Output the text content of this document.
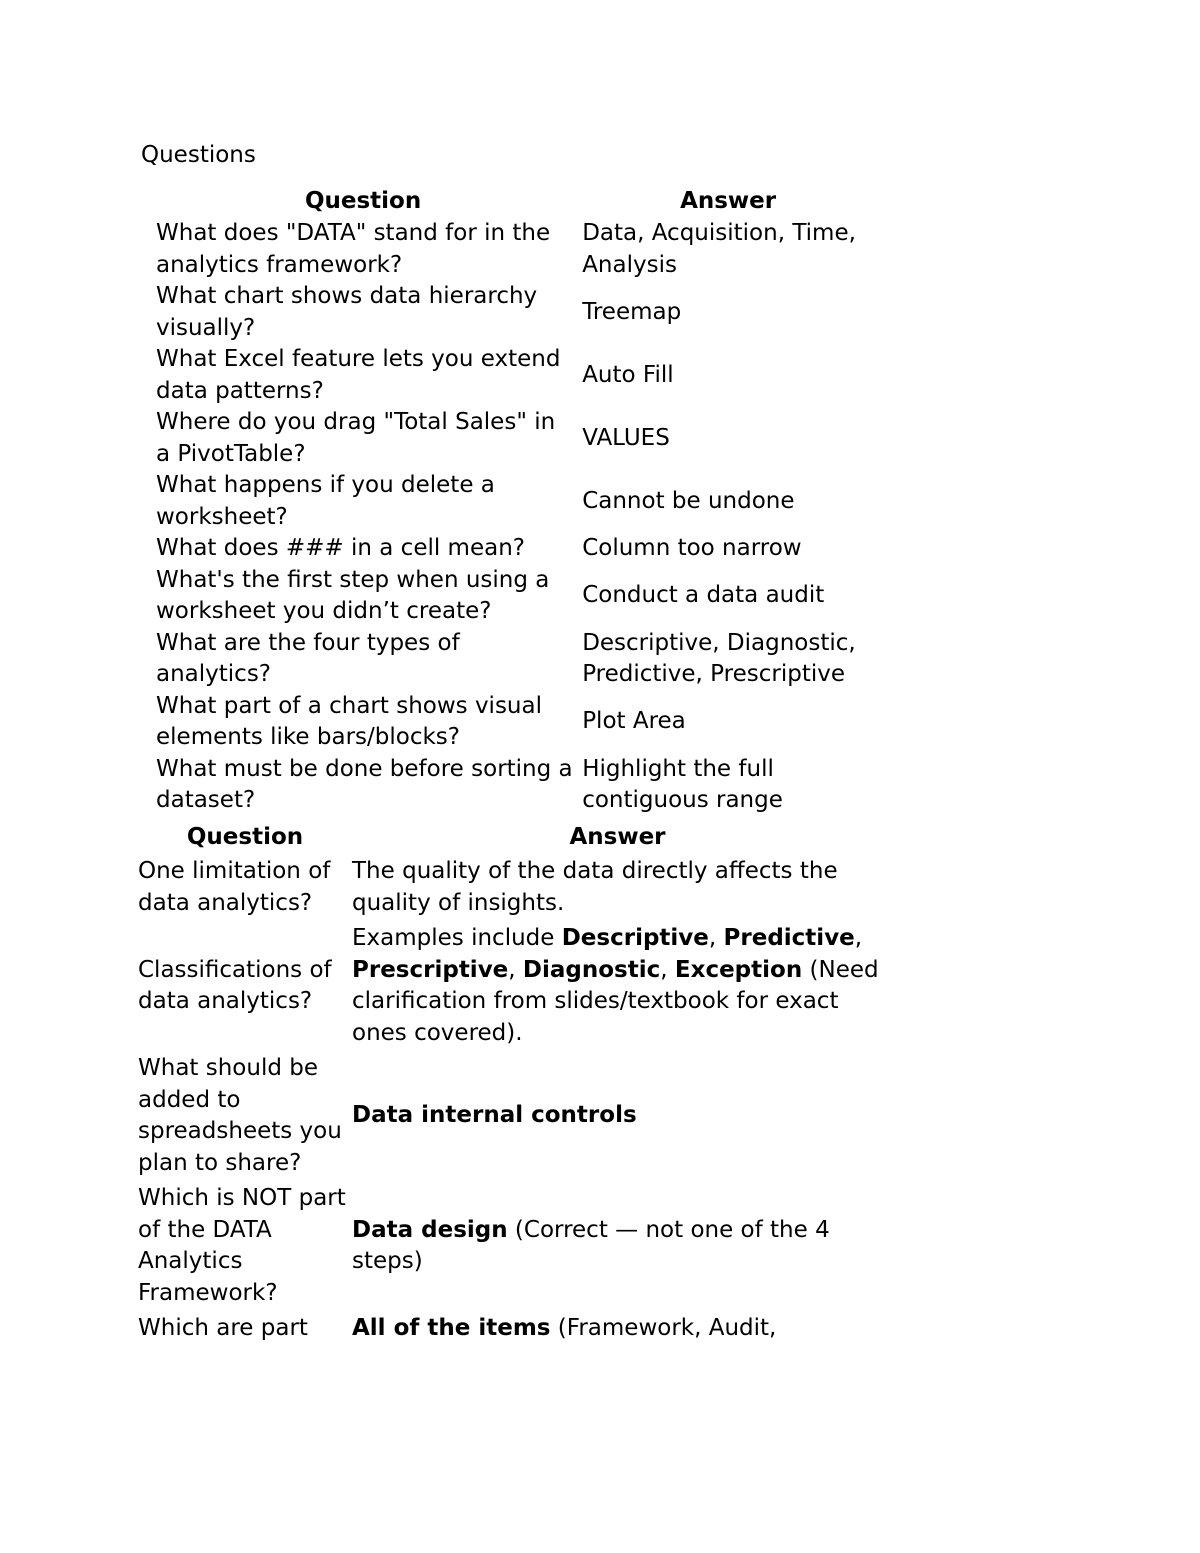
Questions
Question	Answer
What does "DATA" stand for in the analytics framework?	Data, Acquisition, Time, Analysis
What chart shows data hierarchy visually?	Treemap
What Excel feature lets you extend data patterns?	Auto Fill
Where do you drag "Total Sales" in a PivotTable?	VALUES
What happens if you delete a worksheet?	Cannot be undone
What does ### in a cell mean?	Column too narrow
What's the first step when using a worksheet you didn’t create?	Conduct a data audit
What are the four types of analytics?	Descriptive, Diagnostic, Predictive, Prescriptive
What part of a chart shows visual elements like bars/blocks?	Plot Area
What must be done before sorting a dataset?	Highlight the full contiguous range
Question	Answer
One limitation of data analytics?	The quality of the data directly affects the quality of insights.
Classifications of data analytics?	Examples include Descriptive, Predictive, Prescriptive, Diagnostic, Exception (Need clarification from slides/textbook for exact ones covered).
What should be added to spreadsheets you plan to share?	Data internal controls
Which is NOT part of the DATA Analytics Framework?	Data design (Correct — not one of the 4 steps)
Which are part	All of the items (Framework, Audit,
